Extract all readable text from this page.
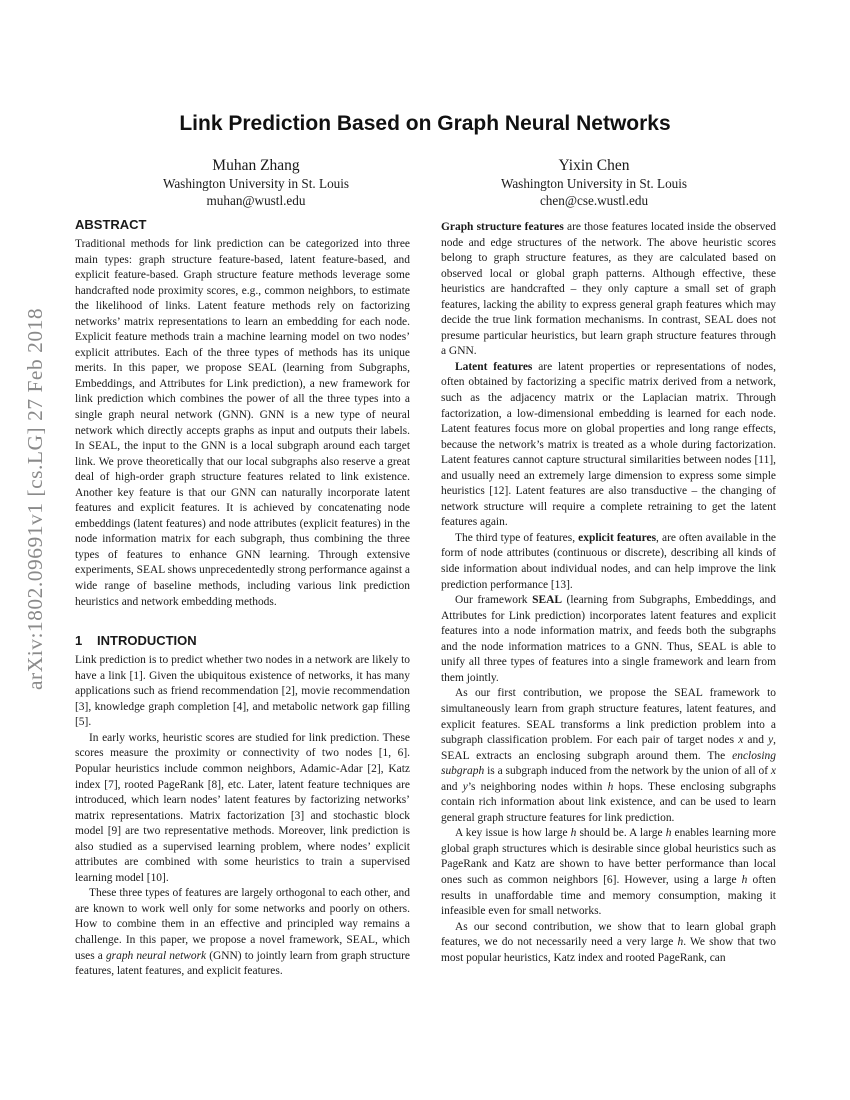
arXiv:1802.09691v1 [cs.LG] 27 Feb 2018
Link Prediction Based on Graph Neural Networks
Muhan Zhang
Washington University in St. Louis
muhan@wustl.edu
Yixin Chen
Washington University in St. Louis
chen@cse.wustl.edu
ABSTRACT

Traditional methods for link prediction can be categorized into three main types: graph structure feature-based, latent feature-based, and explicit feature-based. Graph structure feature methods leverage some handcrafted node proximity scores, e.g., common neighbors, to estimate the likelihood of links. Latent feature methods rely on factorizing networks’ matrix representations to learn an embedding for each node. Explicit feature methods train a machine learning model on two nodes’ explicit attributes. Each of the three types of methods has its unique merits. In this paper, we propose SEAL (learning from Subgraphs, Embeddings, and Attributes for Link prediction), a new framework for link prediction which combines the power of all the three types into a single graph neural network (GNN). GNN is a new type of neural network which directly accepts graphs as input and outputs their labels. In SEAL, the input to the GNN is a local subgraph around each target link. We prove theoretically that our local subgraphs also reserve a great deal of high-order graph structure features related to link existence. Another key feature is that our GNN can naturally incorporate latent features and explicit features. It is achieved by concatenating node embeddings (latent features) and node attributes (explicit features) in the node information matrix for each subgraph, thus combining the three types of features to enhance GNN learning. Through extensive experiments, SEAL shows unprecedentedly strong performance against a wide range of baseline methods, including various link prediction heuristics and network embedding methods.

1 INTRODUCTION

Link prediction is to predict whether two nodes in a network are likely to have a link [1]. Given the ubiquitous existence of networks, it has many applications such as friend recommendation [2], movie recommendation [3], knowledge graph completion [4], and metabolic network gap filling [5].

In early works, heuristic scores are studied for link prediction. These scores measure the proximity or connectivity of two nodes [1, 6]. Popular heuristics include common neighbors, Adamic-Adar [2], Katz index [7], rooted PageRank [8], etc. Later, latent feature techniques are introduced, which learn nodes’ latent features by factorizing networks’ matrix representations. Matrix factorization [3] and stochastic block model [9] are two representative methods. Moreover, link prediction is also studied as a supervised learning problem, where nodes’ explicit attributes are combined with some heuristics to train a supervised learning model [10].

These three types of features are largely orthogonal to each other, and are known to work well only for some networks and poorly on others. How to combine them in an effective and principled way remains a challenge. In this paper, we propose a novel framework, SEAL, which uses a graph neural network (GNN) to jointly learn from graph structure features, latent features, and explicit features.

Graph structure features are those features located inside the observed node and edge structures of the network. The above heuristic scores belong to graph structure features, as they are calculated based on observed local or global graph patterns. Although effective, these heuristics are handcrafted – they only capture a small set of graph features, lacking the ability to express general graph features which may decide the true link formation mechanisms. In contrast, SEAL does not presume particular heuristics, but learn graph structure features through a GNN.

Latent features are latent properties or representations of nodes, often obtained by factorizing a specific matrix derived from a network, such as the adjacency matrix or the Laplacian matrix. Through factorization, a low-dimensional embedding is learned for each node. Latent features focus more on global properties and long range effects, because the network’s matrix is treated as a whole during factorization. Latent features cannot capture structural similarities between nodes [11], and usually need an extremely large dimension to express some simple heuristics [12]. Latent features are also transductive – the changing of network structure will require a complete retraining to get the latent features again.

The third type of features, explicit features, are often available in the form of node attributes (continuous or discrete), describing all kinds of side information about individual nodes, and can help improve the link prediction performance [13].

Our framework SEAL (learning from Subgraphs, Embeddings, and Attributes for Link prediction) incorporates latent features and explicit features into a node information matrix, and feeds both the subgraphs and the node information matrices to a GNN. Thus, SEAL is able to unify all three types of features into a single framework and learn from them jointly.

As our first contribution, we propose the SEAL framework to simultaneously learn from graph structure features, latent features, and explicit features. SEAL transforms a link prediction problem into a subgraph classification problem. For each pair of target nodes x and y, SEAL extracts an enclosing subgraph around them. The enclosing subgraph is a subgraph induced from the network by the union of all of x and y’s neighboring nodes within h hops. These enclosing subgraphs contain rich information about link existence, and can be used to learn general graph structure features for link prediction.

A key issue is how large h should be. A large h enables learning more global graph structures which is desirable since global heuristics such as PageRank and Katz are shown to have better performance than local ones such as common neighbors [6]. However, using a large h often results in unaffordable time and memory consumption, making it infeasible even for small networks.

As our second contribution, we show that to learn global graph features, we do not necessarily need a very large h. We show that two most popular heuristics, Katz index and rooted PageRank, can
